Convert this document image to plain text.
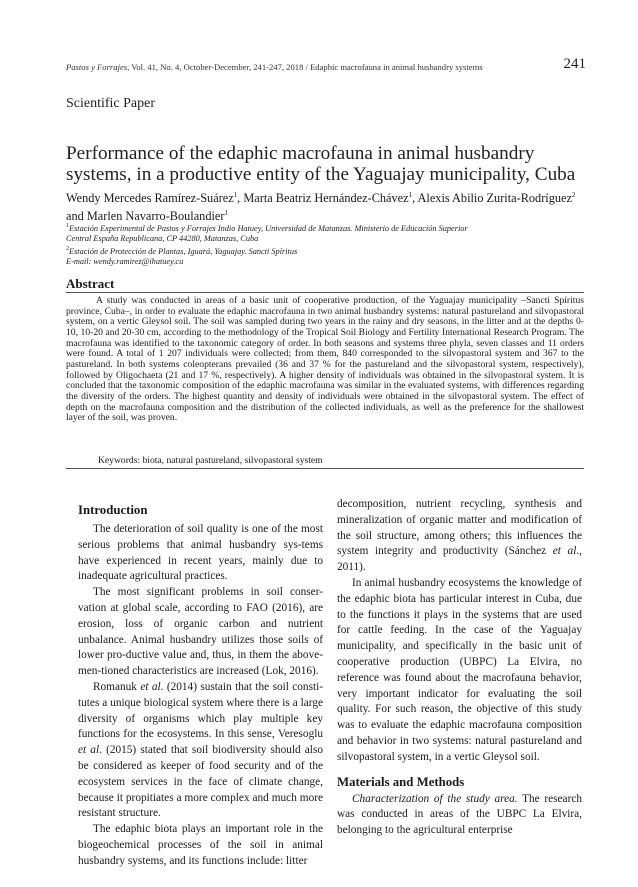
Pastos y Forrajes, Vol. 41, No. 4, October-December, 241-247, 2018 / Edaphic macrofauna in animal husbandry systems	241
Scientific Paper
Performance of the edaphic macrofauna in animal husbandry systems, in a productive entity of the Yaguajay municipality, Cuba
Wendy Mercedes Ramírez-Suárez$^1$, Marta Beatriz Hernández-Chávez$^1$, Alexis Abilio Zurita-Rodríguez$^2$ and Marlen Navarro-Boulandier$^1$
$^1$Estación Experimental de Pastos y Forrajes Indio Hatuey, Universidad de Matanzas. Ministerio de Educación Superior
Central España Republicana, CP 44280, Matanzas, Cuba
$^2$Estación de Protección de Plantas, Iguará, Yaguajay. Sancti Spíritus
E-mail: wendy.ramirez@ihatuey.cu
Abstract
A study was conducted in areas of a basic unit of cooperative production, of the Yaguajay municipality –Sancti Spíritus province, Cuba–, in order to evaluate the edaphic macrofauna in two animal husbandry systems: natural pastureland and silvopastoral system, on a vertic Gleysol soil. The soil was sampled during two years in the rainy and dry seasons, in the litter and at the depths 0-10, 10-20 and 20-30 cm, according to the methodology of the Tropical Soil Biology and Fertility International Research Program. The macrofauna was identified to the taxonomic category of order. In both seasons and systems three phyla, seven classes and 11 orders were found. A total of 1 207 individuals were collected; from them, 840 corresponded to the silvopastoral system and 367 to the pastureland. In both systems coleopterans prevailed (36 and 37 % for the pastureland and the silvopastoral system, respectively), followed by Oligochaeta (21 and 17 %, respectively). A higher density of individuals was obtained in the silvopastoral system. It is concluded that the taxonomic composition of the edaphic macrofauna was similar in the evaluated systems, with differences regarding the diversity of the orders. The highest quantity and density of individuals were obtained in the silvopastoral system. The effect of depth on the macrofauna composition and the distribution of the collected individuals, as well as the preference for the shallowest layer of the soil, was proven.
Keywords: biota, natural pastureland, silvopastoral system
Introduction

The deterioration of soil quality is one of the most serious problems that animal husbandry sys-tems have experienced in recent years, mainly due to inadequate agricultural practices.

The most significant problems in soil conser-vation at global scale, according to FAO (2016), are erosion, loss of organic carbon and nutrient unbalance. Animal husbandry utilizes those soils of lower pro-ductive value and, thus, in them the above-men-tioned characteristics are increased (Lok, 2016).

Romanuk et al. (2014) sustain that the soil consti-tutes a unique biological system where there is a large diversity of organisms which play multiple key functions for the ecosystems. In this sense, Veresoglu et al. (2015) stated that soil biodiversity should also be considered as keeper of food security and of the ecosystem services in the face of climate change, because it propitiates a more complex and much more resistant structure.

The edaphic biota plays an important role in the biogeochemical processes of the soil in animal husbandry systems, and its functions include: litter

decomposition, nutrient recycling, synthesis and mineralization of organic matter and modification of the soil structure, among others; this influences the system integrity and productivity (Sánchez et al., 2011).

In animal husbandry ecosystems the knowledge of the edaphic biota has particular interest in Cuba, due to the functions it plays in the systems that are used for cattle feeding. In the case of the Yaguajay municipality, and specifically in the basic unit of cooperative production (UBPC) La Elvira, no reference was found about the macrofauna behavior, very important indicator for evaluating the soil quality. For such reason, the objective of this study was to evaluate the edaphic macrofauna composition and behavior in two systems: natural pastureland and silvopastoral system, in a vertic Gleysol soil.

Materials and Methods

Characterization of the study area. The research was conducted in areas of the UBPC La Elvira, belonging to the agricultural enterprise
